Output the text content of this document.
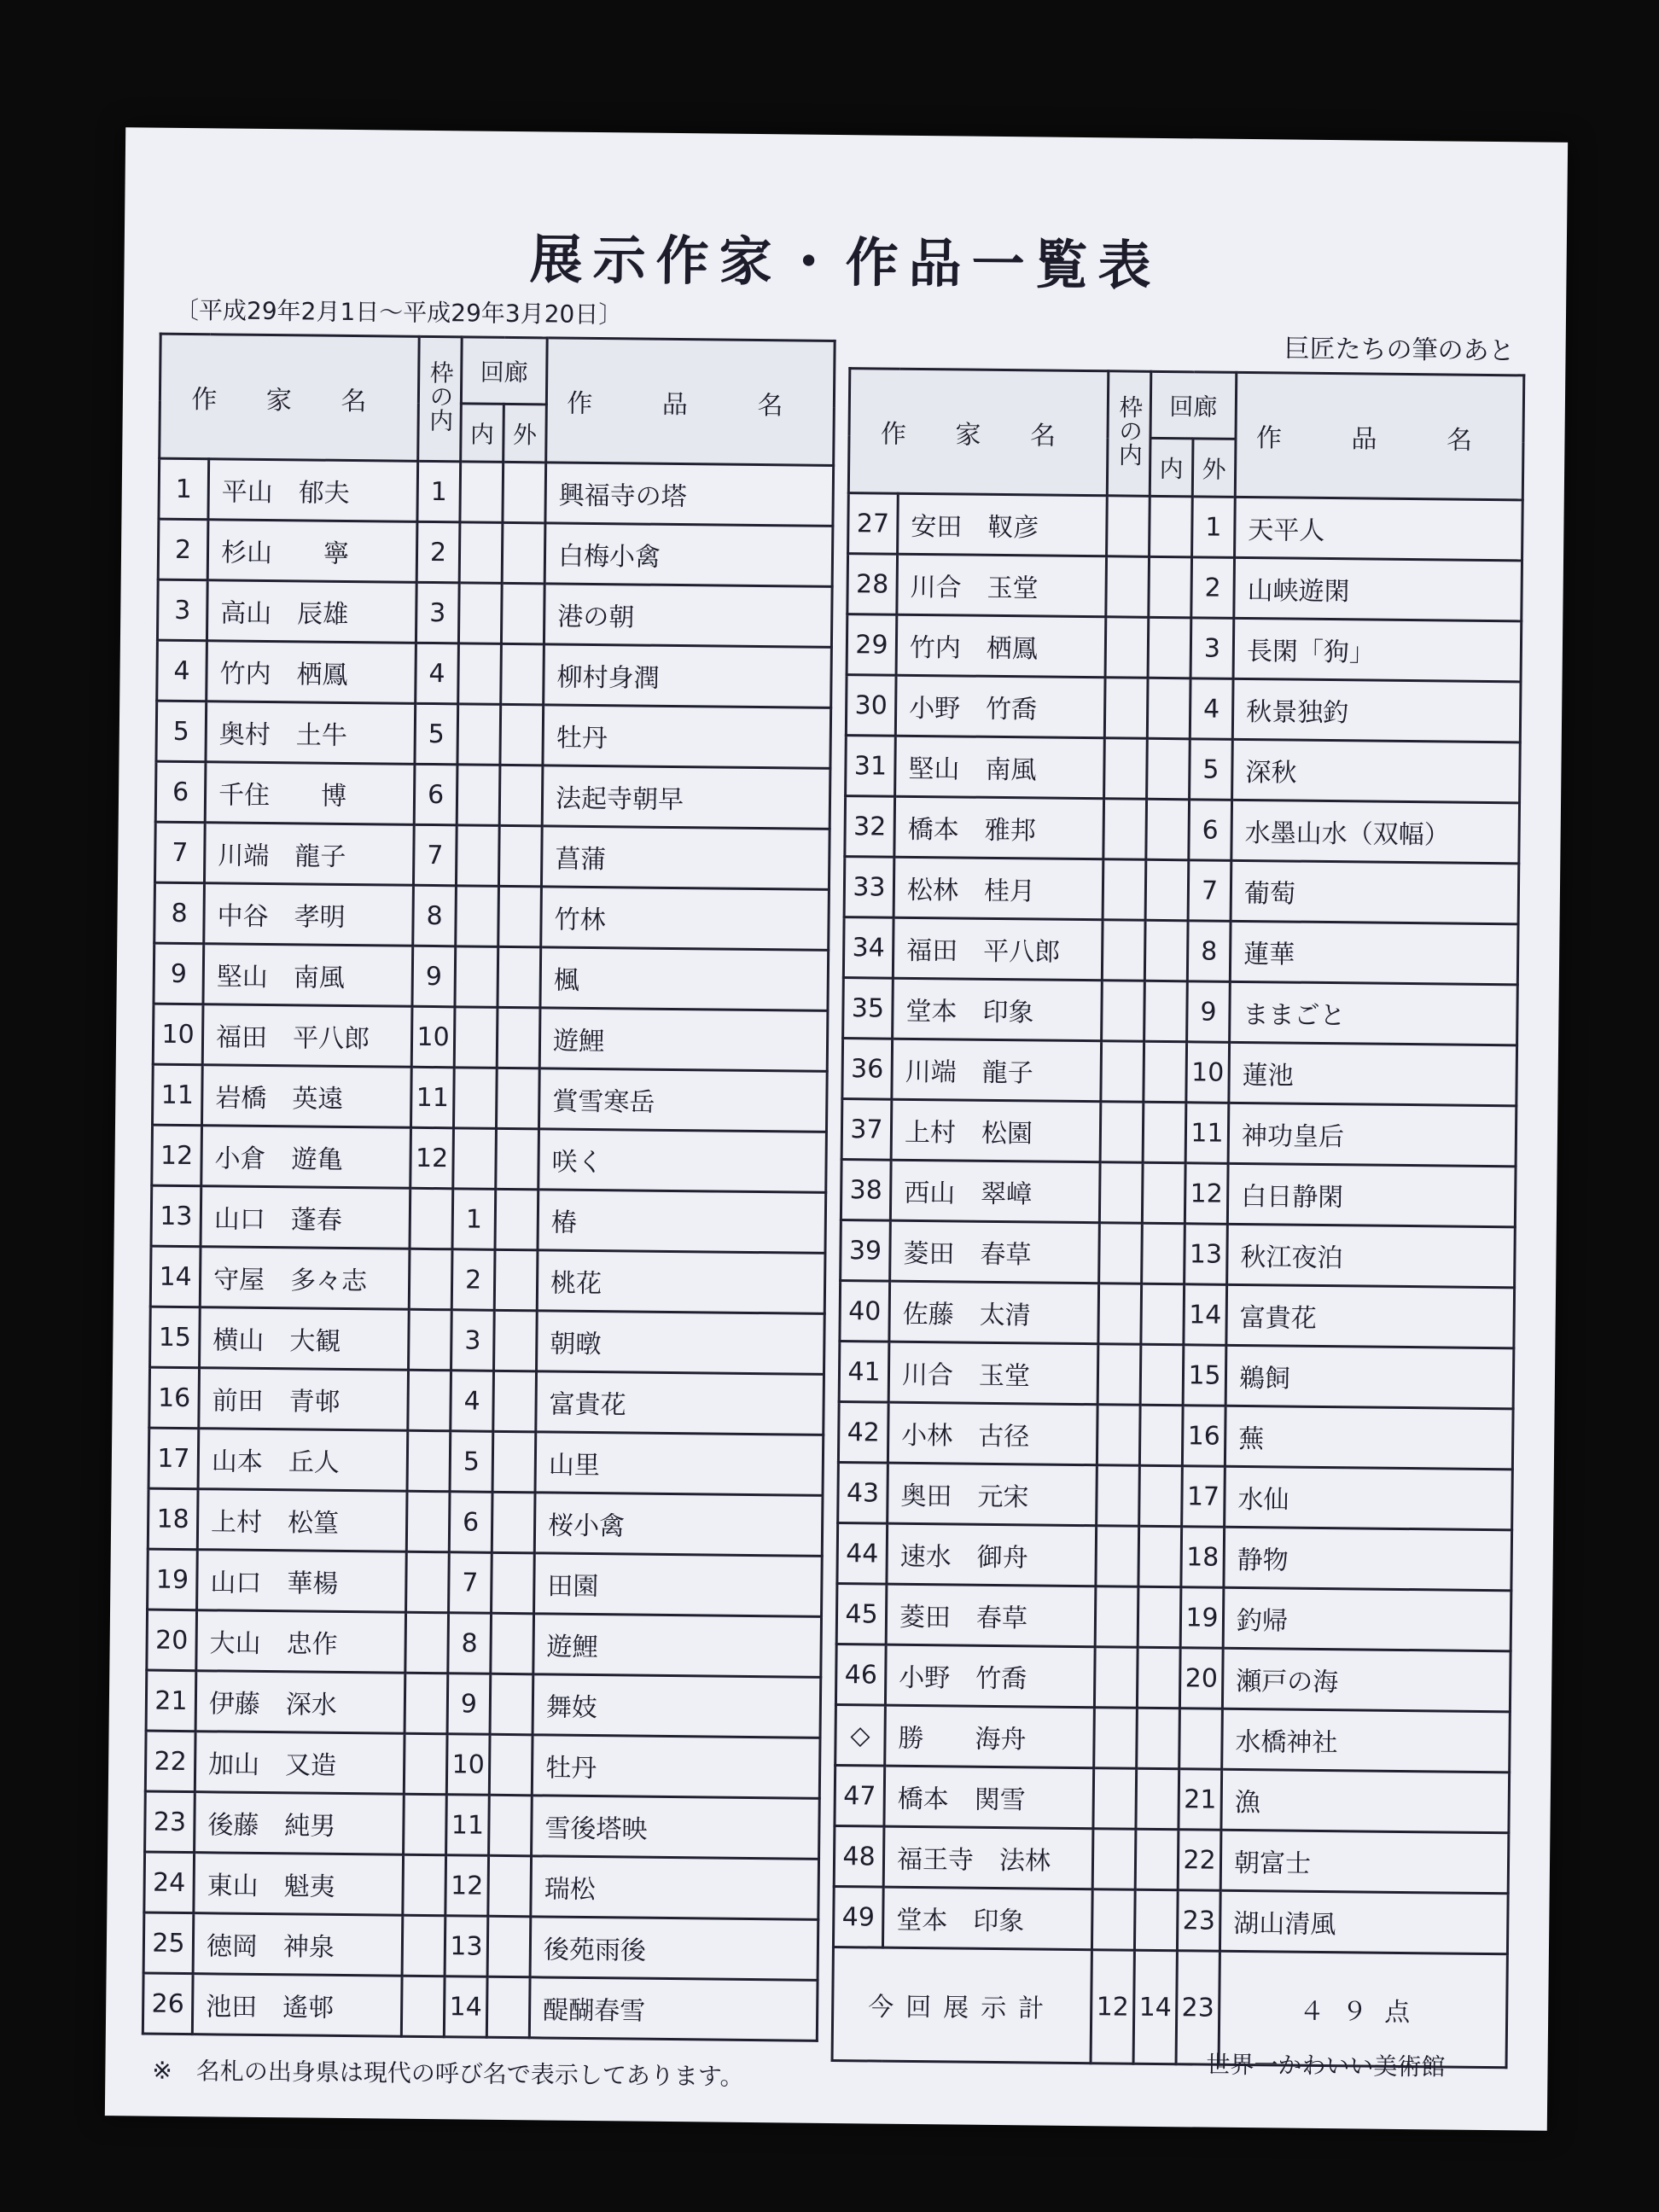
展示作家・作品一覧表
〔平成29年2月1日～平成29年3月20日〕
巨匠たちの筆のあと
作 家 名		枠の内	回廊		作 品 名
			内	外	
1	平山　郁夫	1			興福寺の塔
2	杉山　　寧	2			白梅小禽
3	高山　辰雄	3			港の朝
4	竹内　栖鳳	4			柳村身潤
5	奥村　土牛	5			牡丹
6	千住　　博	6			法起寺朝早
7	川端　龍子	7			菖蒲
8	中谷　孝明	8			竹林
9	堅山　南風	9			楓
10	福田　平八郎	10			遊鯉
11	岩橋　英遠	11			賞雪寒岳
12	小倉　遊亀	12			咲く
13	山口　蓬春		1		椿
14	守屋　多々志		2		桃花
15	横山　大観		3		朝暾
16	前田　青邨		4		富貴花
17	山本　丘人		5		山里
18	上村　松篁		6		桜小禽
19	山口　華楊		7		田園
20	大山　忠作		8		遊鯉
21	伊藤　深水		9		舞妓
22	加山　又造		10		牡丹
23	後藤　純男		11		雪後塔映
24	東山　魁夷		12		瑞松
25	徳岡　神泉		13		後苑雨後
26	池田　遙邨		14		醍醐春雪
作 家 名		枠の内	回廊		作 品 名
			内	外	
27	安田　靫彦			1	天平人
28	川合　玉堂			2	山峡遊閑
29	竹内　栖鳳			3	長閑「狗」
30	小野　竹喬			4	秋景独釣
31	堅山　南風			5	深秋
32	橋本　雅邦			6	水墨山水（双幅）
33	松林　桂月			7	葡萄
34	福田　平八郎			8	蓮華
35	堂本　印象			9	ままごと
36	川端　龍子			10	蓮池
37	上村　松園			11	神功皇后
38	西山　翠嶂			12	白日静閑
39	菱田　春草			13	秋江夜泊
40	佐藤　太清			14	富貴花
41	川合　玉堂			15	鵜飼
42	小林　古径			16	蕪
43	奥田　元宋			17	水仙
44	速水　御舟			18	静物
45	菱田　春草			19	釣帰
46	小野　竹喬			20	瀬戸の海
◇	勝　　海舟				水橋神社
47	橋本　関雪			21	漁
48	福王寺　法林			22	朝富士
49	堂本　印象			23	湖山清風
今回展示計		12	14	23	４９点
※　名札の出身県は現代の呼び名で表示してあります。	世界一かわいい美術館
